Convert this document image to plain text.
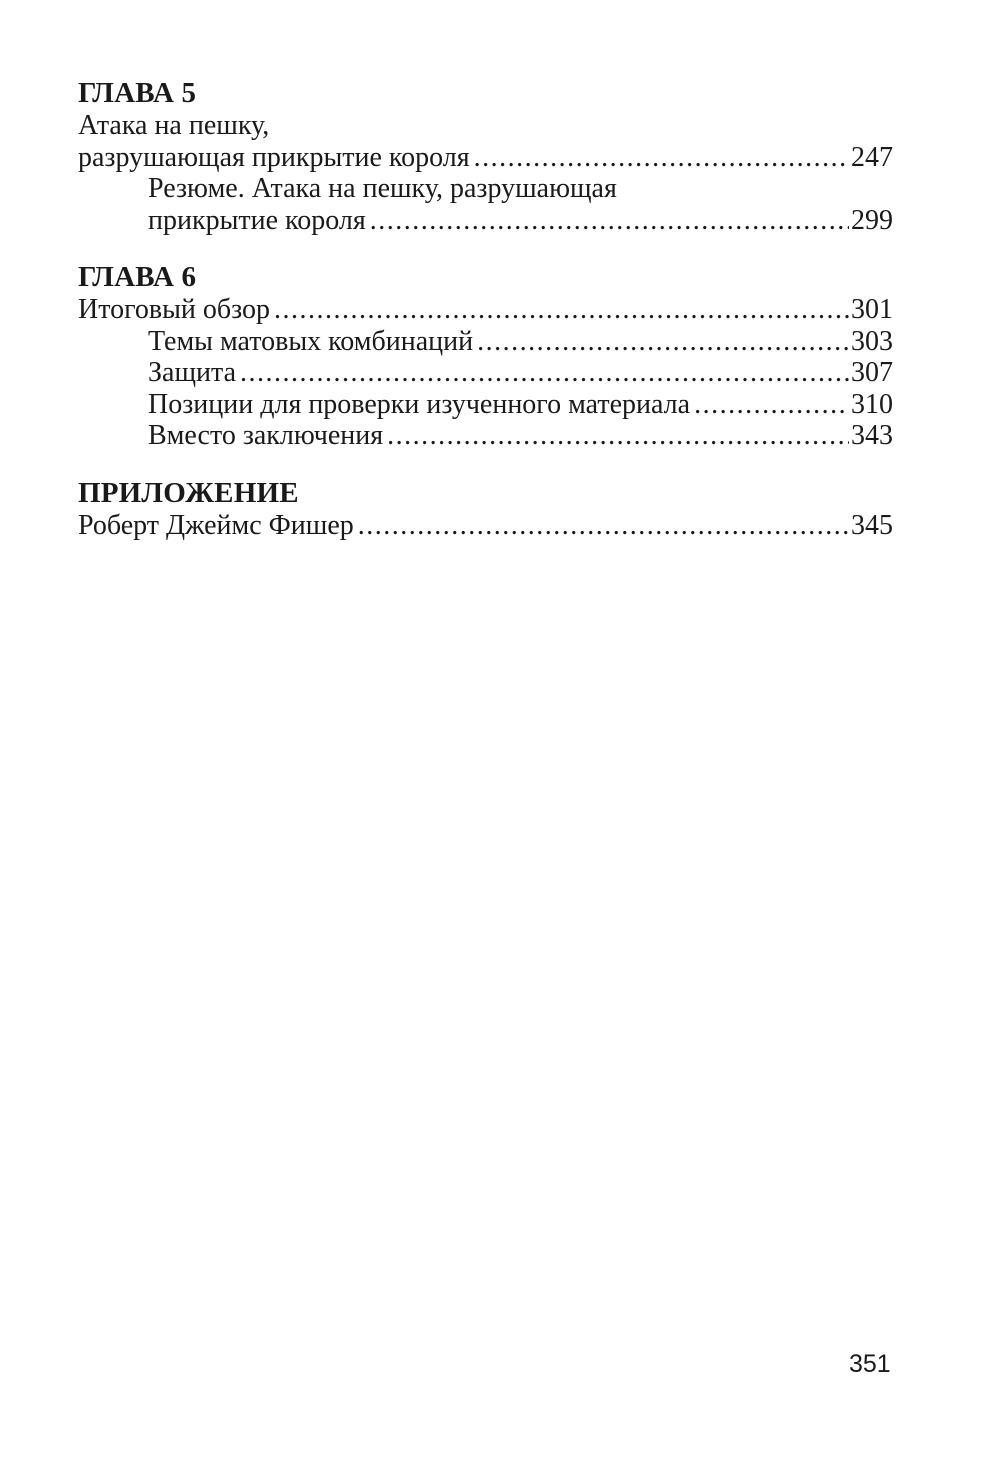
ГЛАВА 5
Атака на пешку,
разрушающая прикрытие короля .....	247
Резюме. Атака на пешку, разрушающая
прикрытие короля .....	299
ГЛАВА 6
Итоговый обзор .....	301
Темы матовых комбинаций .....	303
Защита .....	307
Позиции для проверки изученного материала .....	310
Вместо заключения .....	343
ПРИЛОЖЕНИЕ
Роберт Джеймс Фишер .....	345
351
